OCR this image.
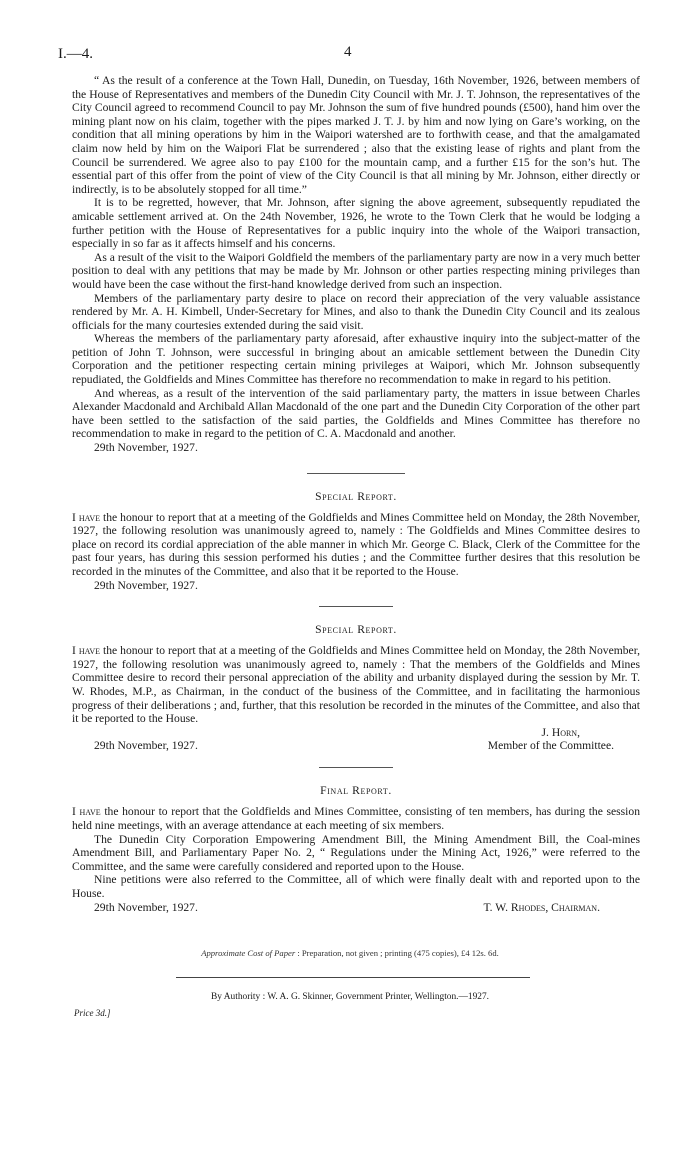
I.—4.	4

“ As the result of a conference at the Town Hall, Dunedin, on Tuesday, 16th November, 1926, between members of the House of Representatives and members of the Dunedin City Council with Mr. J. T. Johnson, the representatives of the City Council agreed to recommend Council to pay Mr. Johnson the sum of five hundred pounds (£500), hand him over the mining plant now on his claim, together with the pipes marked J. T. J. by him and now lying on Gare’s working, on the condition that all mining operations by him in the Waipori watershed are to forthwith cease, and that the amalgamated claim now held by him on the Waipori Flat be surrendered ; also that the existing lease of rights and plant from the Council be surrendered. We agree also to pay £100 for the mountain camp, and a further £15 for the son’s hut. The essential part of this offer from the point of view of the City Council is that all mining by Mr. Johnson, either directly or indirectly, is to be absolutely stopped for all time.”

It is to be regretted, however, that Mr. Johnson, after signing the above agreement, subsequently repudiated the amicable settlement arrived at. On the 24th November, 1926, he wrote to the Town Clerk that he would be lodging a further petition with the House of Representatives for a public inquiry into the whole of the Waipori transaction, especially in so far as it affects himself and his concerns.

As a result of the visit to the Waipori Goldfield the members of the parliamentary party are now in a very much better position to deal with any petitions that may be made by Mr. Johnson or other parties respecting mining privileges than would have been the case without the first-hand knowledge derived from such an inspection.

Members of the parliamentary party desire to place on record their appreciation of the very valuable assistance rendered by Mr. A. H. Kimbell, Under-Secretary for Mines, and also to thank the Dunedin City Council and its zealous officials for the many courtesies extended during the said visit.

Whereas the members of the parliamentary party aforesaid, after exhaustive inquiry into the subject-matter of the petition of John T. Johnson, were successful in bringing about an amicable settlement between the Dunedin City Corporation and the petitioner respecting certain mining privileges at Waipori, which Mr. Johnson subsequently repudiated, the Goldfields and Mines Committee has therefore no recommendation to make in regard to his petition.

And whereas, as a result of the intervention of the said parliamentary party, the matters in issue between Charles Alexander Macdonald and Archibald Allan Macdonald of the one part and the Dunedin City Corporation of the other part have been settled to the satisfaction of the said parties, the Goldfields and Mines Committee has therefore no recommendation to make in regard to the petition of C. A. Macdonald and another.

29th November, 1927.
Special Report.

I have the honour to report that at a meeting of the Goldfields and Mines Committee held on Monday, the 28th November, 1927, the following resolution was unanimously agreed to, namely : The Goldfields and Mines Committee desires to place on record its cordial appreciation of the able manner in which Mr. George C. Black, Clerk of the Committee for the past four years, has during this session performed his duties ; and the Committee further desires that this resolution be recorded in the minutes of the Committee, and also that it be reported to the House.

29th November, 1927.
Special Report.

I have the honour to report that at a meeting of the Goldfields and Mines Committee held on Monday, the 28th November, 1927, the following resolution was unanimously agreed to, namely : That the members of the Goldfields and Mines Committee desire to record their personal appreciation of the ability and urbanity displayed during the session by Mr. T. W. Rhodes, M.P., as Chairman, in the conduct of the business of the Committee, and in facilitating the harmonious progress of their deliberations ; and, further, that this resolution be recorded in the minutes of the Committee, and also that it be reported to the House.

J. Horn,
29th November, 1927.	Member of the Committee.
Final Report.

I have the honour to report that the Goldfields and Mines Committee, consisting of ten members, has during the session held nine meetings, with an average attendance at each meeting of six members.

The Dunedin City Corporation Empowering Amendment Bill, the Mining Amendment Bill, the Coal-mines Amendment Bill, and Parliamentary Paper No. 2, “ Regulations under the Mining Act, 1926,” were referred to the Committee, and the same were carefully considered and reported upon to the House.

Nine petitions were also referred to the Committee, all of which were finally dealt with and reported upon to the House.

29th November, 1927.	T. W. Rhodes, Chairman.
Approximate Cost of Paper : Preparation, not given ; printing (475 copies), £4 12s. 6d.
By Authority : W. A. G. Skinner, Government Printer, Wellington.—1927.
Price 3d.]
